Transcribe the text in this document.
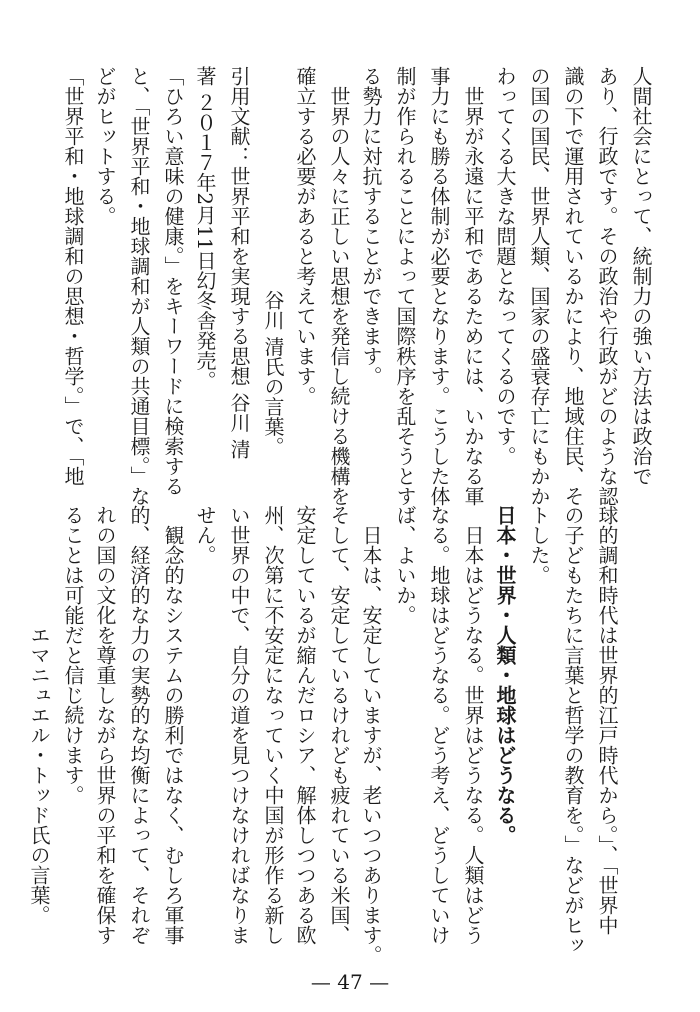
人間社会にとって、統制力の強い方法は政治で
あり、行政です。その政治や行政がどのような認
識の下で運用されているかにより、地域住民、そ
の国の国民、世界人類、国家の盛衰存亡にもかか
わってくる大きな問題となってくるのです。
世界が永遠に平和であるためには、いかなる軍
事力にも勝る体制が必要となります。こうした体
制が作られることによって国際秩序を乱そうとす
る勢力に対抗することができます。
世界の人々に正しい思想を発信し続ける機構を
確立する必要があると考えています。
谷川 清氏の言葉。
引用文献：世界平和を実現する思想 谷川 清
著 ２０１７年2月11日幻冬舎発売。
「ひろい意味の健康。」をキーワードに検索する
と、「世界平和・地球調和が人類の共通目標。」な
どがヒットする。
「世界平和・地球調和の思想・哲学。」で、「地
球的調和時代は世界的江戸時代から。」、「世界中
の子どもたちに言葉と哲学の教育を。」などがヒッ
トした。
日本・世界・人類・地球はどうなる。
日本はどうなる。世界はどうなる。人類はどう
なる。地球はどうなる。どう考え、どうしていけ
ば、よいか。
日本は、安定していますが、老いつつあります。
そして、安定しているけれども疲れている米国、
安定しているが縮んだロシア、解体しつつある欧
州、次第に不安定になっていく中国が形作る新し
い世界の中で、自分の道を見つけなければなりま
せん。
観念的なシステムの勝利ではなく、むしろ軍事
的、経済的な力の実勢的な均衡によって、それぞ
れの国の文化を尊重しながら世界の平和を確保す
ることは可能だと信じ続けます。
エマニュエル・トッド氏の言葉。
— 47 —
